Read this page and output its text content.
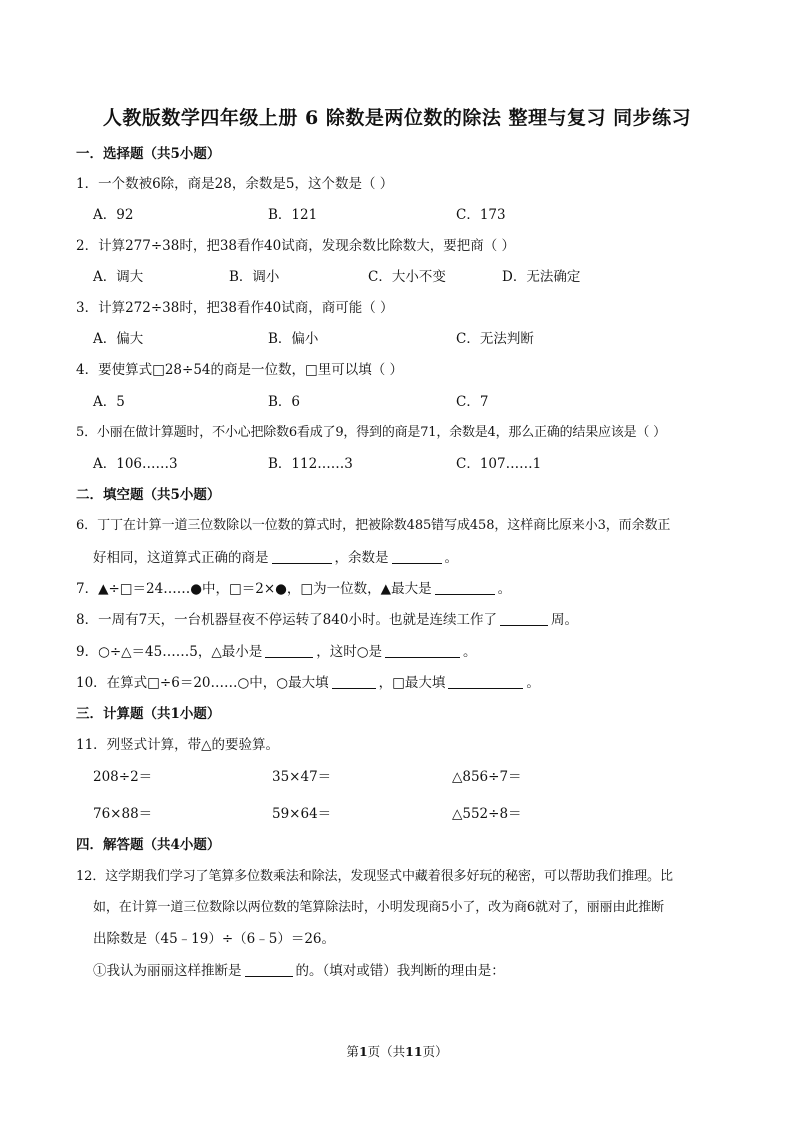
人教版数学四年级上册 6 除数是两位数的除法 整理与复习 同步练习
一．选择题（共5小题）
1．一个数被6除，商是28，余数是5，这个数是（ ）
A．92	B．121	C．173
2．计算277÷38时，把38看作40试商，发现余数比除数大，要把商（ ）
A．调大	B．调小	C．大小不变	D．无法确定
3．计算272÷38时，把38看作40试商，商可能（ ）
A．偏大	B．偏小	C．无法判断
4．要使算式□28÷54的商是一位数，□里可以填（ ）
A．5	B．6	C．7
5．小丽在做计算题时，不小心把除数6看成了9，得到的商是71，余数是4，那么正确的结果应该是（ ）
A．106……3	B．112……3	C．107……1
二．填空题（共5小题）
6．丁丁在计算一道三位数除以一位数的算式时，把被除数485错写成458，这样商比原来小3，而余数正
好相同，这道算式正确的商是	，余数是	。
7．▲÷□＝24……●中，□＝2×●，□为一位数，▲最大是	。
8．一周有7天，一台机器昼夜不停运转了840小时。也就是连续工作了	周。
9．○÷△＝45……5，△最小是	，这时○是	。
10．在算式□÷6＝20……○中，○最大填	，□最大填	。
三．计算题（共1小题）
11．列竖式计算，带△的要验算。
208÷2＝	35×47＝	△856÷7＝
76×88＝	59×64＝	△552÷8＝
四．解答题（共4小题）
12．这学期我们学习了笔算多位数乘法和除法，发现竖式中藏着很多好玩的秘密，可以帮助我们推理。比
如，在计算一道三位数除以两位数的笔算除法时，小明发现商5小了，改为商6就对了，丽丽由此推断
出除数是（45﹣19）÷（6﹣5）＝26。
①我认为丽丽这样推断是	的。（填对或错）我判断的理由是：
第1页（共11页）
